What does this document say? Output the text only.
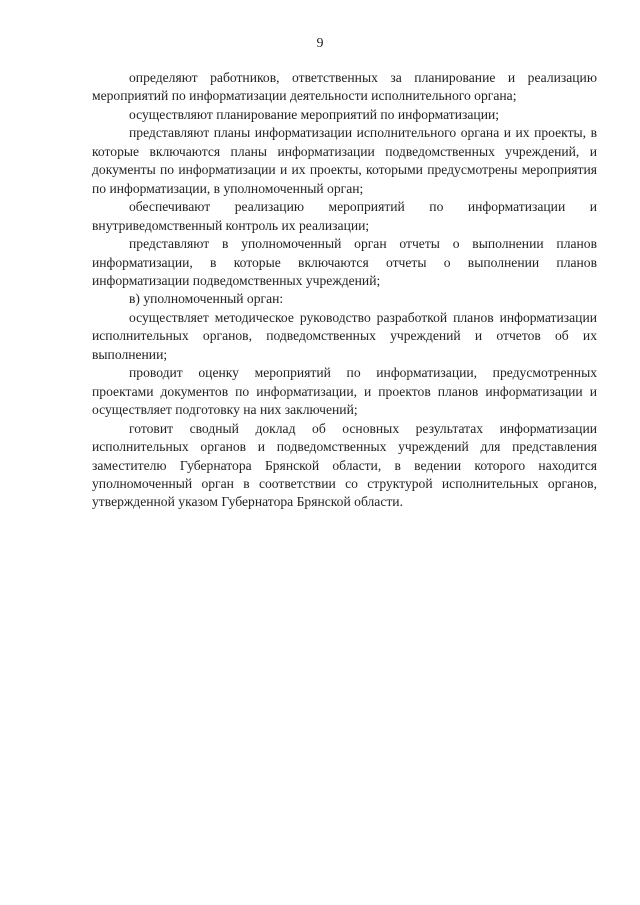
9

определяют работников, ответственных за планирование и реализацию мероприятий по информатизации деятельности исполнительного органа;

осуществляют планирование мероприятий по информатизации;

представляют планы информатизации исполнительного органа и их проекты, в которые включаются планы информатизации подведомственных учреждений, и документы по информатизации и их проекты, которыми предусмотрены мероприятия по информатизации, в уполномоченный орган;

обеспечивают реализацию мероприятий по информатизации и внутриведомственный контроль их реализации;

представляют в уполномоченный орган отчеты о выполнении планов информатизации, в которые включаются отчеты о выполнении планов информатизации подведомственных учреждений;

в) уполномоченный орган:

осуществляет методическое руководство разработкой планов информатизации исполнительных органов, подведомственных учреждений и отчетов об их выполнении;

проводит оценку мероприятий по информатизации, предусмотренных проектами документов по информатизации, и проектов планов информатизации и осуществляет подготовку на них заключений;

готовит сводный доклад об основных результатах информатизации исполнительных органов и подведомственных учреждений для представления заместителю Губернатора Брянской области, в ведении которого находится уполномоченный орган в соответствии со структурой исполнительных органов, утвержденной указом Губернатора Брянской области.
